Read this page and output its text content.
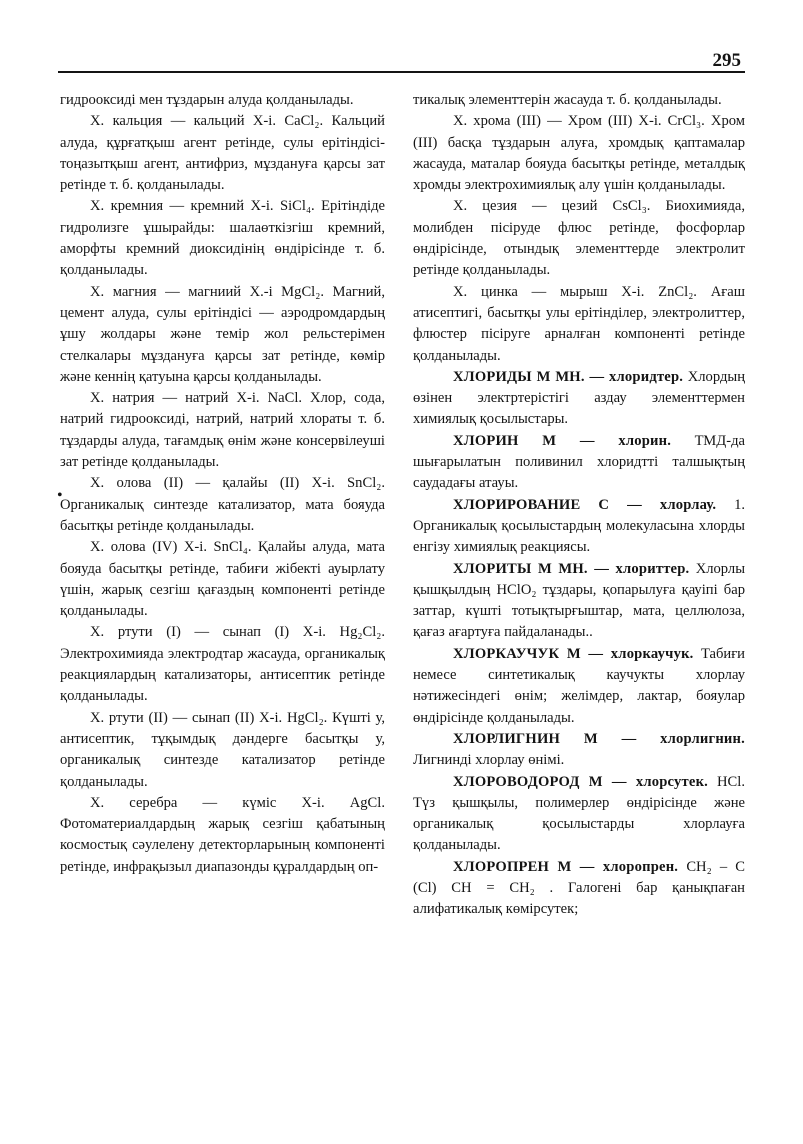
295
•

гидрооксиді мен тұздарын алуда қолданылады.

Х. кальция — кальций Х-і. CaCl₂. Кальций алуда, құрғатқыш агент ретінде, сулы ерітіндісі-тоңазытқыш агент, антифриз, мұздануға қарсы зат ретінде т. б. қолданылады.

Х. кремния — кремний Х-і. SiCl₄. Ерітіндіде гидролизге ұшырайды: шалаөткізгіш кремний, аморфты кремний диоксидінің өндірісінде т. б. қолданылады.

Х. магния — магниий Х.-і MgCl₂. Магний, цемент алуда, сулы ерітіндісі — аэродромдардың ұшу жолдары және темір жол рельстерімен стелкалары мұздануға қарсы зат ретінде, көмір және кеннің қатуына қарсы қолданылады.

Х. натрия — натрий Х-і. NaCl. Хлор, сода, натрий гидрооксиді, натрий, натрий хлораты т. б. тұздарды алуда, тағамдық өнім және консервілеуші зат ретінде қолданылады.

Х. олова (II) — қалайы (II) Х-і. SnCl₂. Органикалық синтезде катализатор, мата бояуда басытқы ретінде қолданылады.

Х. олова (IV) Х-і. SnCl₄. Қалайы алуда, мата бояуда басытқы ретінде, табиғи жібекті ауырлату үшін, жарық сезгіш қағаздың компоненті ретінде қолданылады.

Х. ртути (I) — сынап (I) Х-і. Hg₂Cl₂. Электрохимияда электродтар жасауда, органикалық реакциялардың катализаторы, антисептик ретінде қолданылады.

Х. ртути (II) — сынап (II) Х-і. HgCl₂. Күшті у, антисептик, тұқымдық дәндерге басытқы у, органикалық синтезде катализатор ретінде қолданылады.

Х. серебра — күміс Х-і. AgCl. Фотоматериалдардың жарық сезгіш қабатының космостық сәулелену детекторларының компоненті ретінде, инфрақызыл диапазонды құралдардың оп-

тикалық элементтерін жасауда т. б. қолданылады.

Х. хрома (III) — Хром (III) Х-і. CrCl₃. Хром (III) басқа тұздарын алуға, хромдық қаптамалар жасауда, маталар бояуда басытқы ретінде, металдық хромды электрохимиялық алу үшін қолданылады.

Х. цезия — цезий CsCl₃. Биохимияда, молибден пісіруде флюс ретінде, фосфорлар өндірісінде, отындық элементтерде электролит ретінде қолданылады.

Х. цинка — мырыш Х-і. ZnCl₂. Ағаш атисептигі, басытқы улы ерітінділер, электролиттер, флюстер пісіруге арналған компоненті ретінде қолданылады.

ХЛОРИДЫ М МН. — хлоридтер. Хлордың өзінен электртерістігі аздау элементтермен химиялық қосылыстары.

ХЛОРИН М — хлорин. ТМД-да шығарылатын поливинил хлоридтті талшықтың саудадағы атауы.

ХЛОРИРОВАНИЕ С — хлорлау. 1. Органикалық қосылыстардың молекуласына хлорды енгізу химиялық реакциясы.

ХЛОРИТЫ М МН. — хлориттер. Хлорлы қышқылдың HClO₂ тұздары, қопарылуға қауіпі бар заттар, күшті тотықтырғыштар, мата, целлюлоза, қағаз ағартуға пайдаланады..

ХЛОРКАУЧУК М — хлоркаучук. Табиғи немесе синтетикалық каучукты хлорлау нәтижесіндегі өнім; желімдер, лактар, бояулар өндірісінде қолданылады.

ХЛОРЛИГНИН М — хлорлигнин. Лигнинді хлорлау өнімі.

ХЛОРОВОДОРОД М — хлорсутек. HCl. Түз қышқылы, полимерлер өндірісінде және органикалық қосылыстарды хлорлауға қолданылады.

ХЛОРОПРЕН М — хлоропрен. CH₂ – C (Cl) CH = CH₂ . Галогені бар қанықпаған алифатикалық көмірсутек;
